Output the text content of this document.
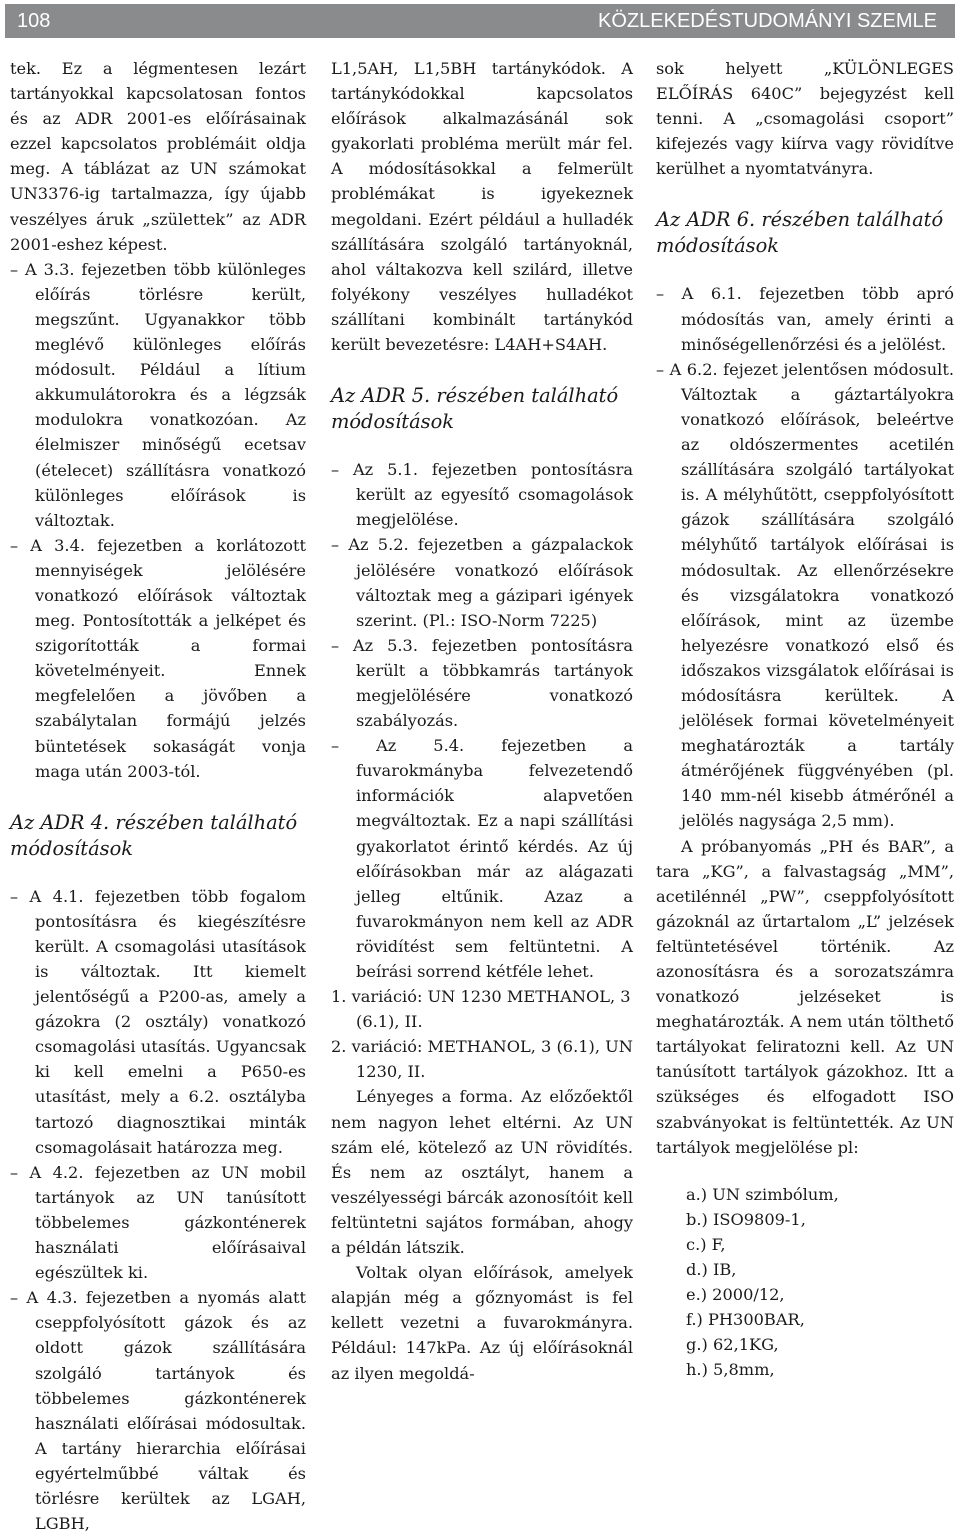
108	KÖZLEKEDÉSTUDOMÁNYI SZEMLE

tek. Ez a légmentesen lezárt tartányokkal kapcsolatosan fontos és az ADR 2001-es előírásainak ezzel kapcsolatos problémáit oldja meg. A táblázat az UN számokat UN3376-ig tartalmazza, így újabb veszélyes áruk „születtek” az ADR 2001-eshez képest.

– A 3.3. fejezetben több különleges előírás törlésre került, megszűnt. Ugyanakkor több meglévő különleges előírás módosult. Például a lítium akkumulátorokra és a légzsák modulokra vonatkozóan. Az élelmiszer minőségű ecetsav (ételecet) szállításra vonatkozó különleges előírások is változtak.

– A 3.4. fejezetben a korlátozott mennyiségek jelölésére vonatkozó előírások változtak meg. Pontosították a jelképet és szigorították a formai követelményeit. Ennek megfelelően a jövőben a szabálytalan formájú jelzés büntetések sokaságát vonja maga után 2003-tól.

Az ADR 4. részében található módosítások

– A 4.1. fejezetben több fogalom pontosításra és kiegészítésre került. A csomagolási utasítások is változtak. Itt kiemelt jelentőségű a P200-as, amely a gázokra (2 osztály) vonatkozó csomagolási utasítás. Ugyancsak ki kell emelni a P650-es utasítást, mely a 6.2. osztályba tartozó diagnosztikai minták csomagolásait határozza meg.

– A 4.2. fejezetben az UN mobil tartányok az UN tanúsított többelemes gázkonténerek használati előírásaival egészültek ki.

– A 4.3. fejezetben a nyomás alatt cseppfolyósított gázok és az oldott gázok szállítására szolgáló tartányok és többelemes gázkonténerek használati előírásai módosultak. A tartány hierarchia előírásai egyértelműbbé váltak és törlésre kerültek az LGAH, LGBH,

L1,5AH, L1,5BH tartánykódok. A tartánykódokkal kapcsolatos előírások alkalmazásánál sok gyakorlati probléma merült már fel. A módosításokkal a felmerült problémákat is igyekeznek megoldani. Ezért például a hulladék szállítására szolgáló tartányoknál, ahol váltakozva kell szilárd, illetve folyékony veszélyes hulladékot szállítani kombinált tartánykód került bevezetésre: L4AH+S4AH.

Az ADR 5. részében található módosítások

– Az 5.1. fejezetben pontosításra került az egyesítő csomagolások megjelölése.

– Az 5.2. fejezetben a gázpalackok jelölésére vonatkozó előírások változtak meg a gázipari igények szerint. (Pl.: ISO-Norm 7225)

– Az 5.3. fejezetben pontosításra került a többkamrás tartányok megjelölésére vonatkozó szabályozás.

– Az 5.4. fejezetben a fuvarokmányba felvezetendő információk alapvetően megváltoztak. Ez a napi szállítási gyakorlatot érintő kérdés. Az új előírásokban már az alágazati jelleg eltűnik. Azaz a fuvarokmányon nem kell az ADR rövidítést sem feltüntetni. A beírási sorrend kétféle lehet.

1. variáció: UN 1230 METHANOL, 3 (6.1), II.

2. variáció: METHANOL, 3 (6.1), UN 1230, II.

Lényeges a forma. Az előzőektől nem nagyon lehet eltérni. Az UN szám elé, kötelező az UN rövidítés. És nem az osztályt, hanem a veszélyességi bárcák azonosítóit kell feltüntetni sajátos formában, ahogy a példán látszik.

Voltak olyan előírások, amelyek alapján még a gőznyomást is fel kellett vezetni a fuvarokmányra. Például: 147kPa. Az új előírásoknál az ilyen megoldá-

sok helyett „KÜLÖNLEGES ELŐÍRÁS 640C” bejegyzést kell tenni. A „csomagolási csoport” kifejezés vagy kiírva vagy rövidítve kerülhet a nyomtatványra.

Az ADR 6. részében található módosítások

– A 6.1. fejezetben több apró módosítás van, amely érinti a minőségellenőrzési és a jelölést.

– A 6.2. fejezet jelentősen módosult. Változtak a gáztartályokra vonatkozó előírások, beleértve az oldószermentes acetilén szállítására szolgáló tartályokat is. A mélyhűtött, cseppfolyósított gázok szállítására szolgáló mélyhűtő tartályok előírásai is módosultak. Az ellenőrzésekre és vizsgálatokra vonatkozó előírások, mint az üzembe helyezésre vonatkozó első és időszakos vizsgálatok előírásai is módosításra kerültek. A jelölések formai követelményeit meghatározták a tartály átmérőjének függvényében (pl. 140 mm-nél kisebb átmérőnél a jelölés nagysága 2,5 mm).

A próbanyomás „PH és BAR”, a tara „KG”, a falvastagság „MM”, acetilénnél „PW”, cseppfolyósított gázoknál az űrtartalom „L” jelzések feltüntetésével történik. Az azonosításra és a sorozatszámra vonatkozó jelzéseket is meghatározták. A nem után tölthető tartályokat feliratozni kell. Az UN tanúsított tartályok gázokhoz. Itt a szükséges és elfogadott ISO szabványokat is feltüntették. Az UN tartályok megjelölése pl:

a.) UN szimbólum,
b.) ISO9809-1,
c.) F,
d.) IB,
e.) 2000/12,
f.) PH300BAR,
g.) 62,1KG,
h.) 5,8mm,
